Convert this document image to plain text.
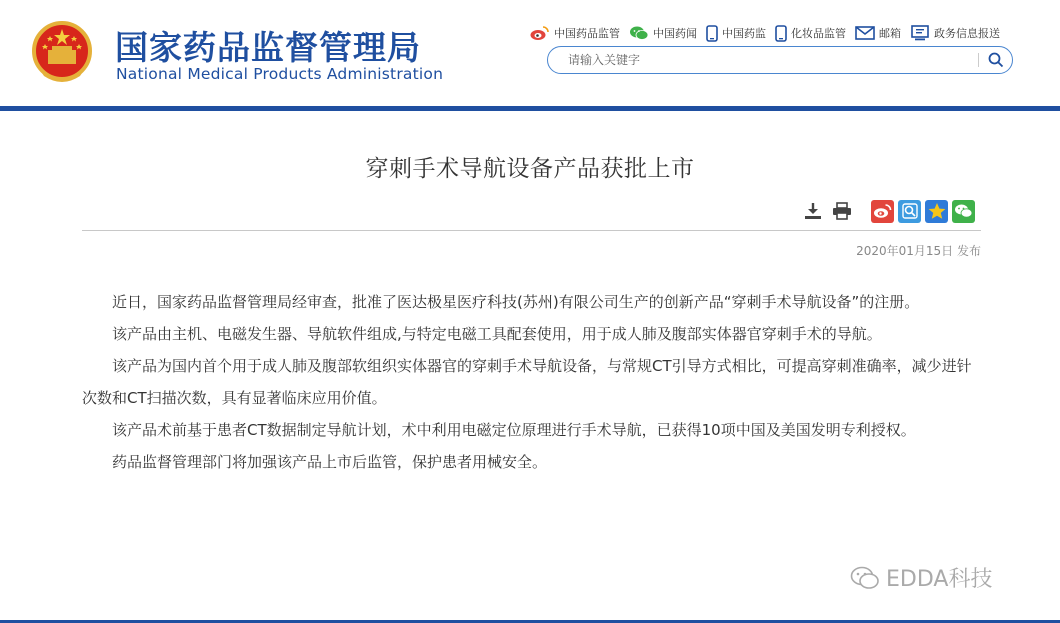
国家药品监督管理局
National Medical Products Administration
中国药品监管	中国药闻 中国药监 化妆品监管	邮箱	政务信息报送
请输入关键字
穿刺手术导航设备产品获批上市
2020年01月15日 发布

近日，国家药品监督管理局经审查，批准了医达极星医疗科技(苏州)有限公司生产的创新产品“穿刺手术导航设备”的注册。

该产品由主机、电磁发生器、导航软件组成,与特定电磁工具配套使用，用于成人肺及腹部实体器官穿刺手术的导航。

该产品为国内首个用于成人肺及腹部软组织实体器官的穿刺手术导航设备，与常规CT引导方式相比，可提高穿刺准确率，减少进针次数和CT扫描次数，具有显著临床应用价值。

该产品术前基于患者CT数据制定导航计划，术中利用电磁定位原理进行手术导航，已获得10项中国及美国发明专利授权。

药品监督管理部门将加强该产品上市后监管，保护患者用械安全。

EDDA科技
